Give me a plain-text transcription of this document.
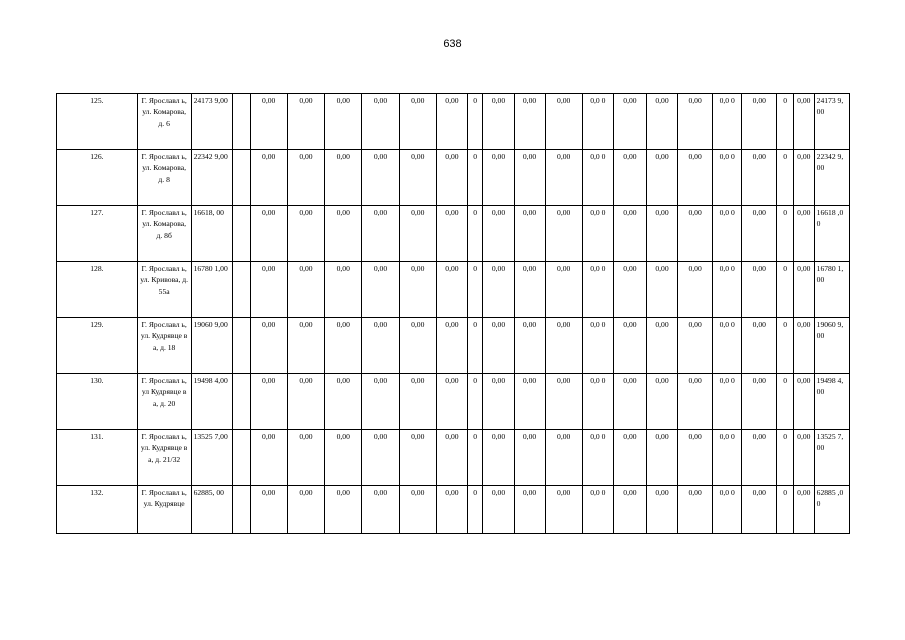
638
125.	Г. Ярославл ь, ул. Комарова, д. 6	24173 9,00		0,00	0,00	0,00	0,00	0,00	0,00	0	0,00	0,00	0,00	0,0 0	0,00	0,00	0,00	0,0 0	0,00	0	0,00	24173 9,00
126.	Г. Ярославл ь, ул. Комарова, д. 8	22342 9,00		0,00	0,00	0,00	0,00	0,00	0,00	0	0,00	0,00	0,00	0,0 0	0,00	0,00	0,00	0,0 0	0,00	0	0,00	22342 9,00
127.	Г. Ярославл ь, ул. Комарова, д. 8б	16618, 00		0,00	0,00	0,00	0,00	0,00	0,00	0	0,00	0,00	0,00	0,0 0	0,00	0,00	0,00	0,0 0	0,00	0	0,00	16618 ,00
128.	Г. Ярославл ь, ул. Кривова, д. 55а	16780 1,00		0,00	0,00	0,00	0,00	0,00	0,00	0	0,00	0,00	0,00	0,0 0	0,00	0,00	0,00	0,0 0	0,00	0	0,00	16780 1,00
129.	Г. Ярославл ь, ул. Кудрявце ва, д. 18	19060 9,00		0,00	0,00	0,00	0,00	0,00	0,00	0	0,00	0,00	0,00	0,0 0	0,00	0,00	0,00	0,0 0	0,00	0	0,00	19060 9,00
130.	Г. Ярославл ь, ул Кудрявце ва, д. 20	19498 4,00		0,00	0,00	0,00	0,00	0,00	0,00	0	0,00	0,00	0,00	0,0 0	0,00	0,00	0,00	0,0 0	0,00	0	0,00	19498 4,00
131.	Г. Ярославл ь, ул. Кудрявце ва, д. 21/32	13525 7,00		0,00	0,00	0,00	0,00	0,00	0,00	0	0,00	0,00	0,00	0,0 0	0,00	0,00	0,00	0,0 0	0,00	0	0,00	13525 7,00
132.	Г. Ярославл ь, ул. Кудрявце	62885, 00		0,00	0,00	0,00	0,00	0,00	0,00	0	0,00	0,00	0,00	0,0 0	0,00	0,00	0,00	0,0 0	0,00	0	0,00	62885 ,00
